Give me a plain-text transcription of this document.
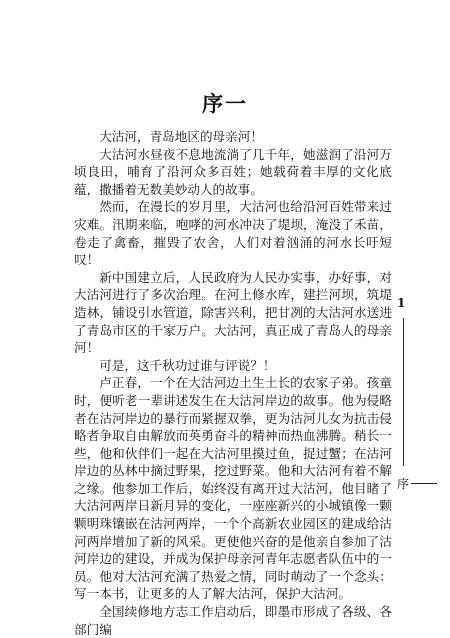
序一

大沽河，青岛地区的母亲河！

大沽河水昼夜不息地流淌了几千年，她滋润了沿河万顷良田，哺育了沿河众多百姓；她载荷着丰厚的文化底蕴，撒播着无数美妙动人的故事。

然而，在漫长的岁月里，大沽河也给沿河百姓带来过灾难。汛期来临，咆哮的河水冲决了堤坝，淹没了禾苗，卷走了禽畜，摧毁了农舍，人们对着汹涌的河水长吁短叹！

新中国建立后，人民政府为人民办实事，办好事，对大沽河进行了多次治理。在河上修水库，建拦河坝，筑堤造林，铺设引水管道，除害兴利，把甘冽的大沽河水送进了青岛市区的千家万户。大沽河，真正成了青岛人的母亲河！

可是，这千秋功过谁与评说？！

卢正春，一个在大沽河边土生土长的农家子弟。孩童时，便听老一辈讲述发生在大沽河岸边的故事。他为侵略者在沽河岸边的暴行而紧握双拳，更为沽河儿女为抗击侵略者争取自由解放而英勇奋斗的精神而热血沸腾。稍长一些，他和伙伴们一起在大沽河里摸过鱼，捉过蟹；在沽河岸边的丛林中摘过野果，挖过野菜。他和大沽河有着不解之缘。他参加工作后，始终没有离开过大沽河，他目睹了大沽河两岸日新月异的变化，一座座新兴的小城镇像一颗颗明珠镶嵌在沽河两岸，一个个高新农业园区的建成给沽河两岸增加了新的风采。更使他兴奋的是他亲自参加了沽河岸边的建设，并成为保护母亲河青年志愿者队伍中的一员。他对大沽河充满了热爱之情，同时萌动了一个念头：写一本书，让更多的人了解大沽河，保护大沽河。

全国续修地方志工作启动后，即墨市形成了各级、各部门编

1
序
